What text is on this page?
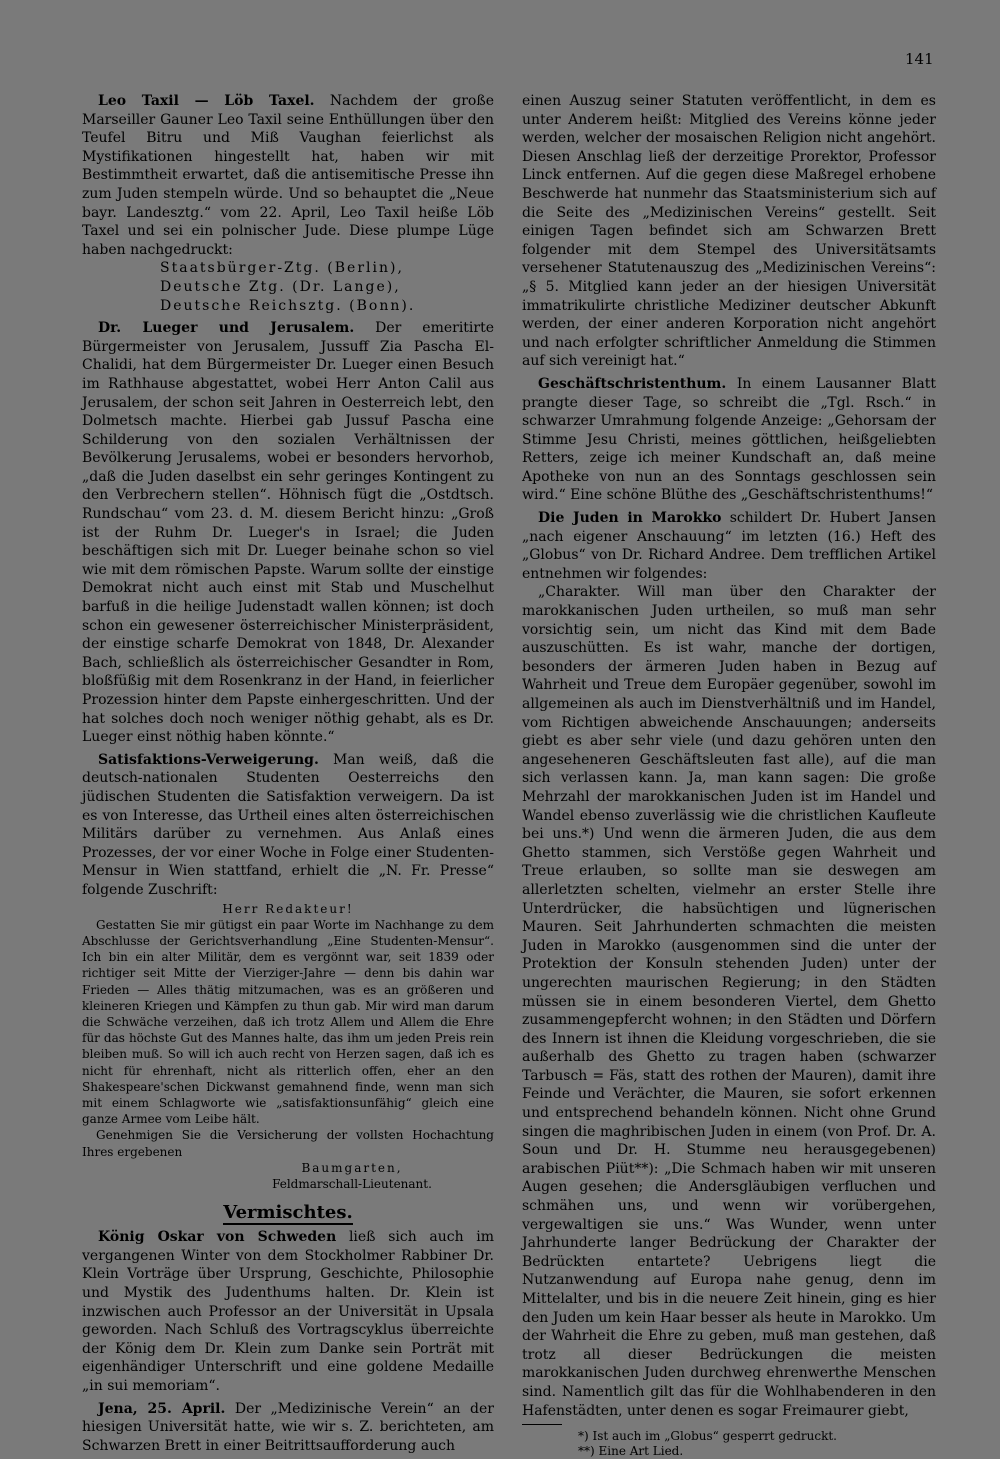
141

Leo Taxil — Löb Taxel. Nachdem der große Marseiller Gauner Leo Taxil seine Enthüllungen über den Teufel Bitru und Miß Vaughan feierlichst als Mystifikationen hingestellt hat, haben wir mit Bestimmtheit erwartet, daß die antisemitische Presse ihn zum Juden stempeln würde. Und so behauptet die „Neue bayr. Landesztg.“ vom 22. April, Leo Taxil heiße Löb Taxel und sei ein polnischer Jude. Diese plumpe Lüge haben nachgedruckt:

Staatsbürger-Ztg. (Berlin),
Deutsche Ztg. (Dr. Lange),
Deutsche Reichsztg. (Bonn).

Dr. Lueger und Jerusalem. Der emeritirte Bürgermeister von Jerusalem, Jussuff Zia Pascha El-Chalidi, hat dem Bürgermeister Dr. Lueger einen Besuch im Rathhause abgestattet, wobei Herr Anton Calil aus Jerusalem, der schon seit Jahren in Oesterreich lebt, den Dolmetsch machte. Hierbei gab Jussuf Pascha eine Schilderung von den sozialen Verhältnissen der Bevölkerung Jerusalems, wobei er besonders hervorhob, „daß die Juden daselbst ein sehr geringes Kontingent zu den Verbrechern stellen“. Höhnisch fügt die „Ostdtsch. Rundschau“ vom 23. d. M. diesem Bericht hinzu: „Groß ist der Ruhm Dr. Lueger's in Israel; die Juden beschäftigen sich mit Dr. Lueger beinahe schon so viel wie mit dem römischen Papste. Warum sollte der einstige Demokrat nicht auch einst mit Stab und Muschelhut barfuß in die heilige Judenstadt wallen können; ist doch schon ein gewesener österreichischer Ministerpräsident, der einstige scharfe Demokrat von 1848, Dr. Alexander Bach, schließlich als österreichischer Gesandter in Rom, bloßfüßig mit dem Rosenkranz in der Hand, in feierlicher Prozession hinter dem Papste einhergeschritten. Und der hat solches doch noch weniger nöthig gehabt, als es Dr. Lueger einst nöthig haben könnte.“

Satisfaktions-Verweigerung. Man weiß, daß die deutsch-nationalen Studenten Oesterreichs den jüdischen Studenten die Satisfaktion verweigern. Da ist es von Interesse, das Urtheil eines alten österreichischen Militärs darüber zu vernehmen. Aus Anlaß eines Prozesses, der vor einer Woche in Folge einer Studenten-Mensur in Wien stattfand, erhielt die „N. Fr. Presse“ folgende Zuschrift:

Herr Redakteur!

Gestatten Sie mir gütigst ein paar Worte im Nachhange zu dem Abschlusse der Gerichtsverhandlung „Eine Studenten-Mensur“. Ich bin ein alter Militär, dem es vergönnt war, seit 1839 oder richtiger seit Mitte der Vierziger-Jahre — denn bis dahin war Frieden — Alles thätig mitzumachen, was es an größeren und kleineren Kriegen und Kämpfen zu thun gab. Mir wird man darum die Schwäche verzeihen, daß ich trotz Allem und Allem die Ehre für das höchste Gut des Mannes halte, das ihm um jeden Preis rein bleiben muß. So will ich auch recht von Herzen sagen, daß ich es nicht für ehrenhaft, nicht als ritterlich offen, eher an den Shakespeare'schen Dickwanst gemahnend finde, wenn man sich mit einem Schlagworte wie „satisfaktionsunfähig“ gleich eine ganze Armee vom Leibe hält.

Genehmigen Sie die Versicherung der vollsten Hochachtung Ihres ergebenen

Baumgarten, Feldmarschall-Lieutenant.
Vermischtes.

König Oskar von Schweden ließ sich auch im vergangenen Winter von dem Stockholmer Rabbiner Dr. Klein Vorträge über Ursprung, Geschichte, Philosophie und Mystik des Judenthums halten. Dr. Klein ist inzwischen auch Professor an der Universität in Upsala geworden. Nach Schluß des Vortragscyklus überreichte der König dem Dr. Klein zum Danke sein Porträt mit eigenhändiger Unterschrift und eine goldene Medaille „in sui memoriam“.

Jena, 25. April. Der „Medizinische Verein“ an der hiesigen Universität hatte, wie wir s. Z. berichteten, am Schwarzen Brett in einer Beitrittsaufforderung auch

einen Auszug seiner Statuten veröffentlicht, in dem es unter Anderem heißt: Mitglied des Vereins könne jeder werden, welcher der mosaischen Religion nicht angehört. Diesen Anschlag ließ der derzeitige Prorektor, Professor Linck entfernen. Auf die gegen diese Maßregel erhobene Beschwerde hat nunmehr das Staatsministerium sich auf die Seite des „Medizinischen Vereins“ gestellt. Seit einigen Tagen befindet sich am Schwarzen Brett folgender mit dem Stempel des Universitätsamts versehener Statutenauszug des „Medizinischen Vereins“: „§ 5. Mitglied kann jeder an der hiesigen Universität immatrikulirte christliche Mediziner deutscher Abkunft werden, der einer anderen Korporation nicht angehört und nach erfolgter schriftlicher Anmeldung die Stimmen auf sich vereinigt hat.“

Geschäftschristenthum. In einem Lausanner Blatt prangte dieser Tage, so schreibt die „Tgl. Rsch.“ in schwarzer Umrahmung folgende Anzeige: „Gehorsam der Stimme Jesu Christi, meines göttlichen, heißgeliebten Retters, zeige ich meiner Kundschaft an, daß meine Apotheke von nun an des Sonntags geschlossen sein wird.“ Eine schöne Blüthe des „Geschäftschristenthums!“

Die Juden in Marokko schildert Dr. Hubert Jansen „nach eigener Anschauung“ im letzten (16.) Heft des „Globus“ von Dr. Richard Andree. Dem trefflichen Artikel entnehmen wir folgendes:

„Charakter. Will man über den Charakter der marokkanischen Juden urtheilen, so muß man sehr vorsichtig sein, um nicht das Kind mit dem Bade auszuschütten. Es ist wahr, manche der dortigen, besonders der ärmeren Juden haben in Bezug auf Wahrheit und Treue dem Europäer gegenüber, sowohl im allgemeinen als auch im Dienstverhältniß und im Handel, vom Richtigen abweichende Anschauungen; anderseits giebt es aber sehr viele (und dazu gehören unten den angeseheneren Geschäftsleuten fast alle), auf die man sich verlassen kann. Ja, man kann sagen: Die große Mehrzahl der marokkanischen Juden ist im Handel und Wandel ebenso zuverlässig wie die christlichen Kaufleute bei uns.*) Und wenn die ärmeren Juden, die aus dem Ghetto stammen, sich Verstöße gegen Wahrheit und Treue erlauben, so sollte man sie deswegen am allerletzten schelten, vielmehr an erster Stelle ihre Unterdrücker, die habsüchtigen und lügnerischen Mauren. Seit Jahrhunderten schmachten die meisten Juden in Marokko (ausgenommen sind die unter der Protektion der Konsuln stehenden Juden) unter der ungerechten maurischen Regierung; in den Städten müssen sie in einem besonderen Viertel, dem Ghetto zusammengepfercht wohnen; in den Städten und Dörfern des Innern ist ihnen die Kleidung vorgeschrieben, die sie außerhalb des Ghetto zu tragen haben (schwarzer Tarbusch = Fäs, statt des rothen der Mauren), damit ihre Feinde und Verächter, die Mauren, sie sofort erkennen und entsprechend behandeln können. Nicht ohne Grund singen die maghribischen Juden in einem (von Prof. Dr. A. Soun und Dr. H. Stumme neu herausgegebenen) arabischen Piüt**): „Die Schmach haben wir mit unseren Augen gesehen; die Andersgläubigen verfluchen und schmähen uns, und wenn wir vorübergehen, vergewaltigen sie uns.“ Was Wunder, wenn unter Jahrhunderte langer Bedrückung der Charakter der Bedrückten entartete? Uebrigens liegt die Nutzanwendung auf Europa nahe genug, denn im Mittelalter, und bis in die neuere Zeit hinein, ging es hier den Juden um kein Haar besser als heute in Marokko. Um der Wahrheit die Ehre zu geben, muß man gestehen, daß trotz all dieser Bedrückungen die meisten marokkanischen Juden durchweg ehrenwerthe Menschen sind. Namentlich gilt das für die Wohlhabenderen in den Hafenstädten, unter denen es sogar Freimaurer giebt,

*) Ist auch im „Globus“ gesperrt gedruckt.

**) Eine Art Lied.
